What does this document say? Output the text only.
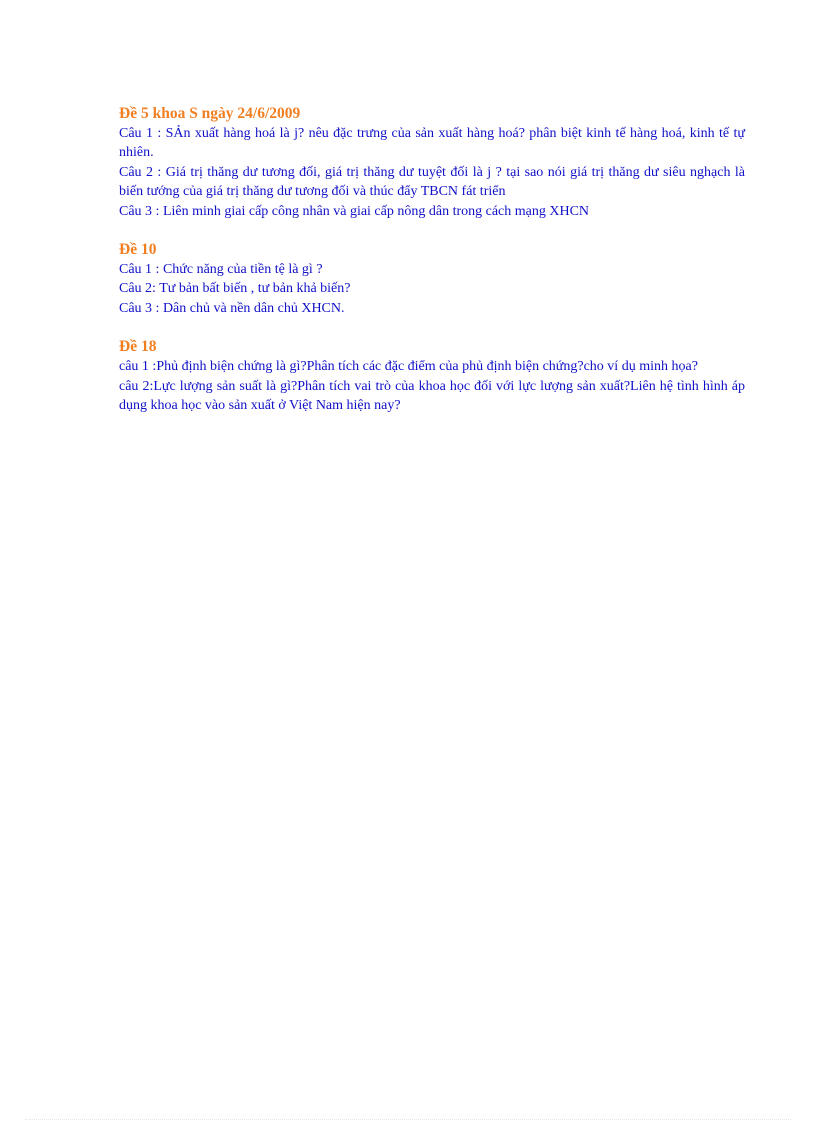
Đề 5 khoa S ngày 24/6/2009

Câu 1 : SẢn xuất hàng hoá là j? nêu đặc trưng của sản xuất hàng hoá? phân biệt kinh tế hàng hoá, kinh tế tự nhiên.

Câu 2 : Giá trị thăng dư tương đối, giá trị thăng dư tuyệt đối là j ? tại sao nói giá trị thăng dư siêu nghạch là biến tướng của giá trị thăng dư tương đối và thúc đẩy TBCN fát triển

Câu 3 : Liên minh giai cấp công nhân và giai cấp nông dân trong cách mạng XHCN

Đề 10

Câu 1 : Chức năng của tiền tệ là gì ?

Câu 2: Tư bản bất biến , tư bản khả biến?

Câu 3 : Dân chủ và nền dân chủ XHCN.

Đề 18

câu 1 :Phủ định biện chứng là gì?Phân tích các đặc điểm của phủ định biện chứng?cho ví dụ minh họa?

câu 2:Lực lượng sản suất là gì?Phân tích vai trò của khoa học đối với lực lượng sản xuất?Liên hệ tình hình áp dụng khoa học vào sản xuất ở Việt Nam hiện nay?
